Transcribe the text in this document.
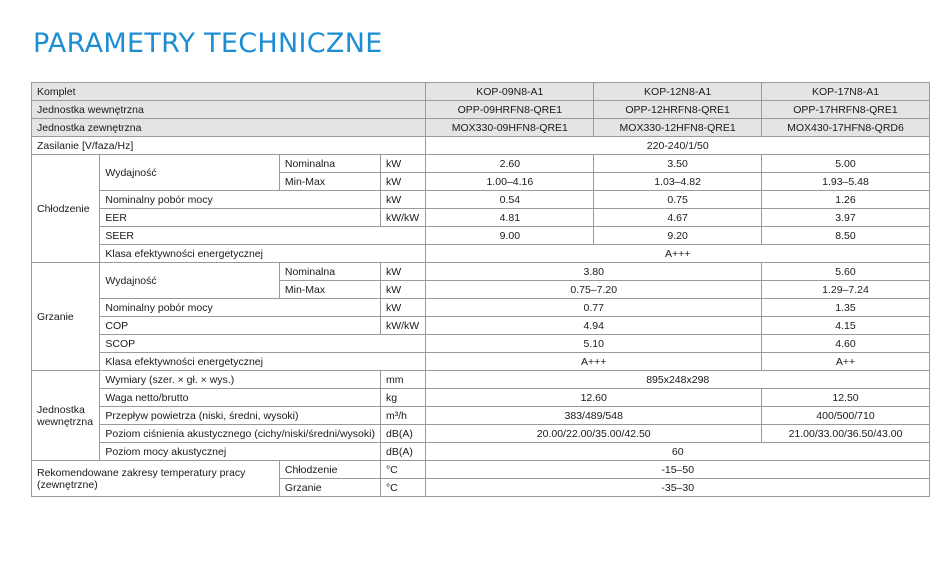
PARAMETRY TECHNICZNE
Komplet				KOP-09N8-A1	KOP-12N8-A1	KOP-17N8-A1
Jednostka wewnętrzna				OPP-09HRFN8-QRE1	OPP-12HRFN8-QRE1	OPP-17HRFN8-QRE1
Jednostka zewnętrzna				MOX330-09HFN8-QRE1	MOX330-12HFN8-QRE1	MOX430-17HFN8-QRD6
Zasilanie [V/faza/Hz]				220-240/1/50		
Chłodzenie	Wydajność	Nominalna	kW	2.60	3.50	5.00
		Min-Max	kW	1.00–4.16	1.03–4.82	1.93–5.48
	Nominalny pobór mocy		kW	0.54	0.75	1.26
	EER		kW/kW	4.81	4.67	3.97
	SEER			9.00	9.20	8.50
	Klasa efektywności energetycznej			A+++		
Grzanie	Wydajność	Nominalna	kW	3.80		5.60
		Min-Max	kW	0.75–7.20		1.29–7.24
	Nominalny pobór mocy		kW	0.77		1.35
	COP		kW/kW	4.94		4.15
	SCOP			5.10		4.60
	Klasa efektywności energetycznej			A+++		A++
Jednostka wewnętrzna	Wymiary (szer. × gł. × wys.)		mm	895x248x298		
	Waga netto/brutto		kg	12.60		12.50
	Przepływ powietrza (niski, średni, wysoki)		m³/h	383/489/548		400/500/710
	Poziom ciśnienia akustycznego (cichy/niski/średni/wysoki)		dB(A)	20.00/22.00/35.00/42.50		21.00/33.00/36.50/43.00
	Poziom mocy akustycznej		dB(A)	60		
Rekomendowane zakresy temperatury pracy (zewnętrzne)		Chłodzenie	°C	-15–50		
		Grzanie	°C	-35–30		
